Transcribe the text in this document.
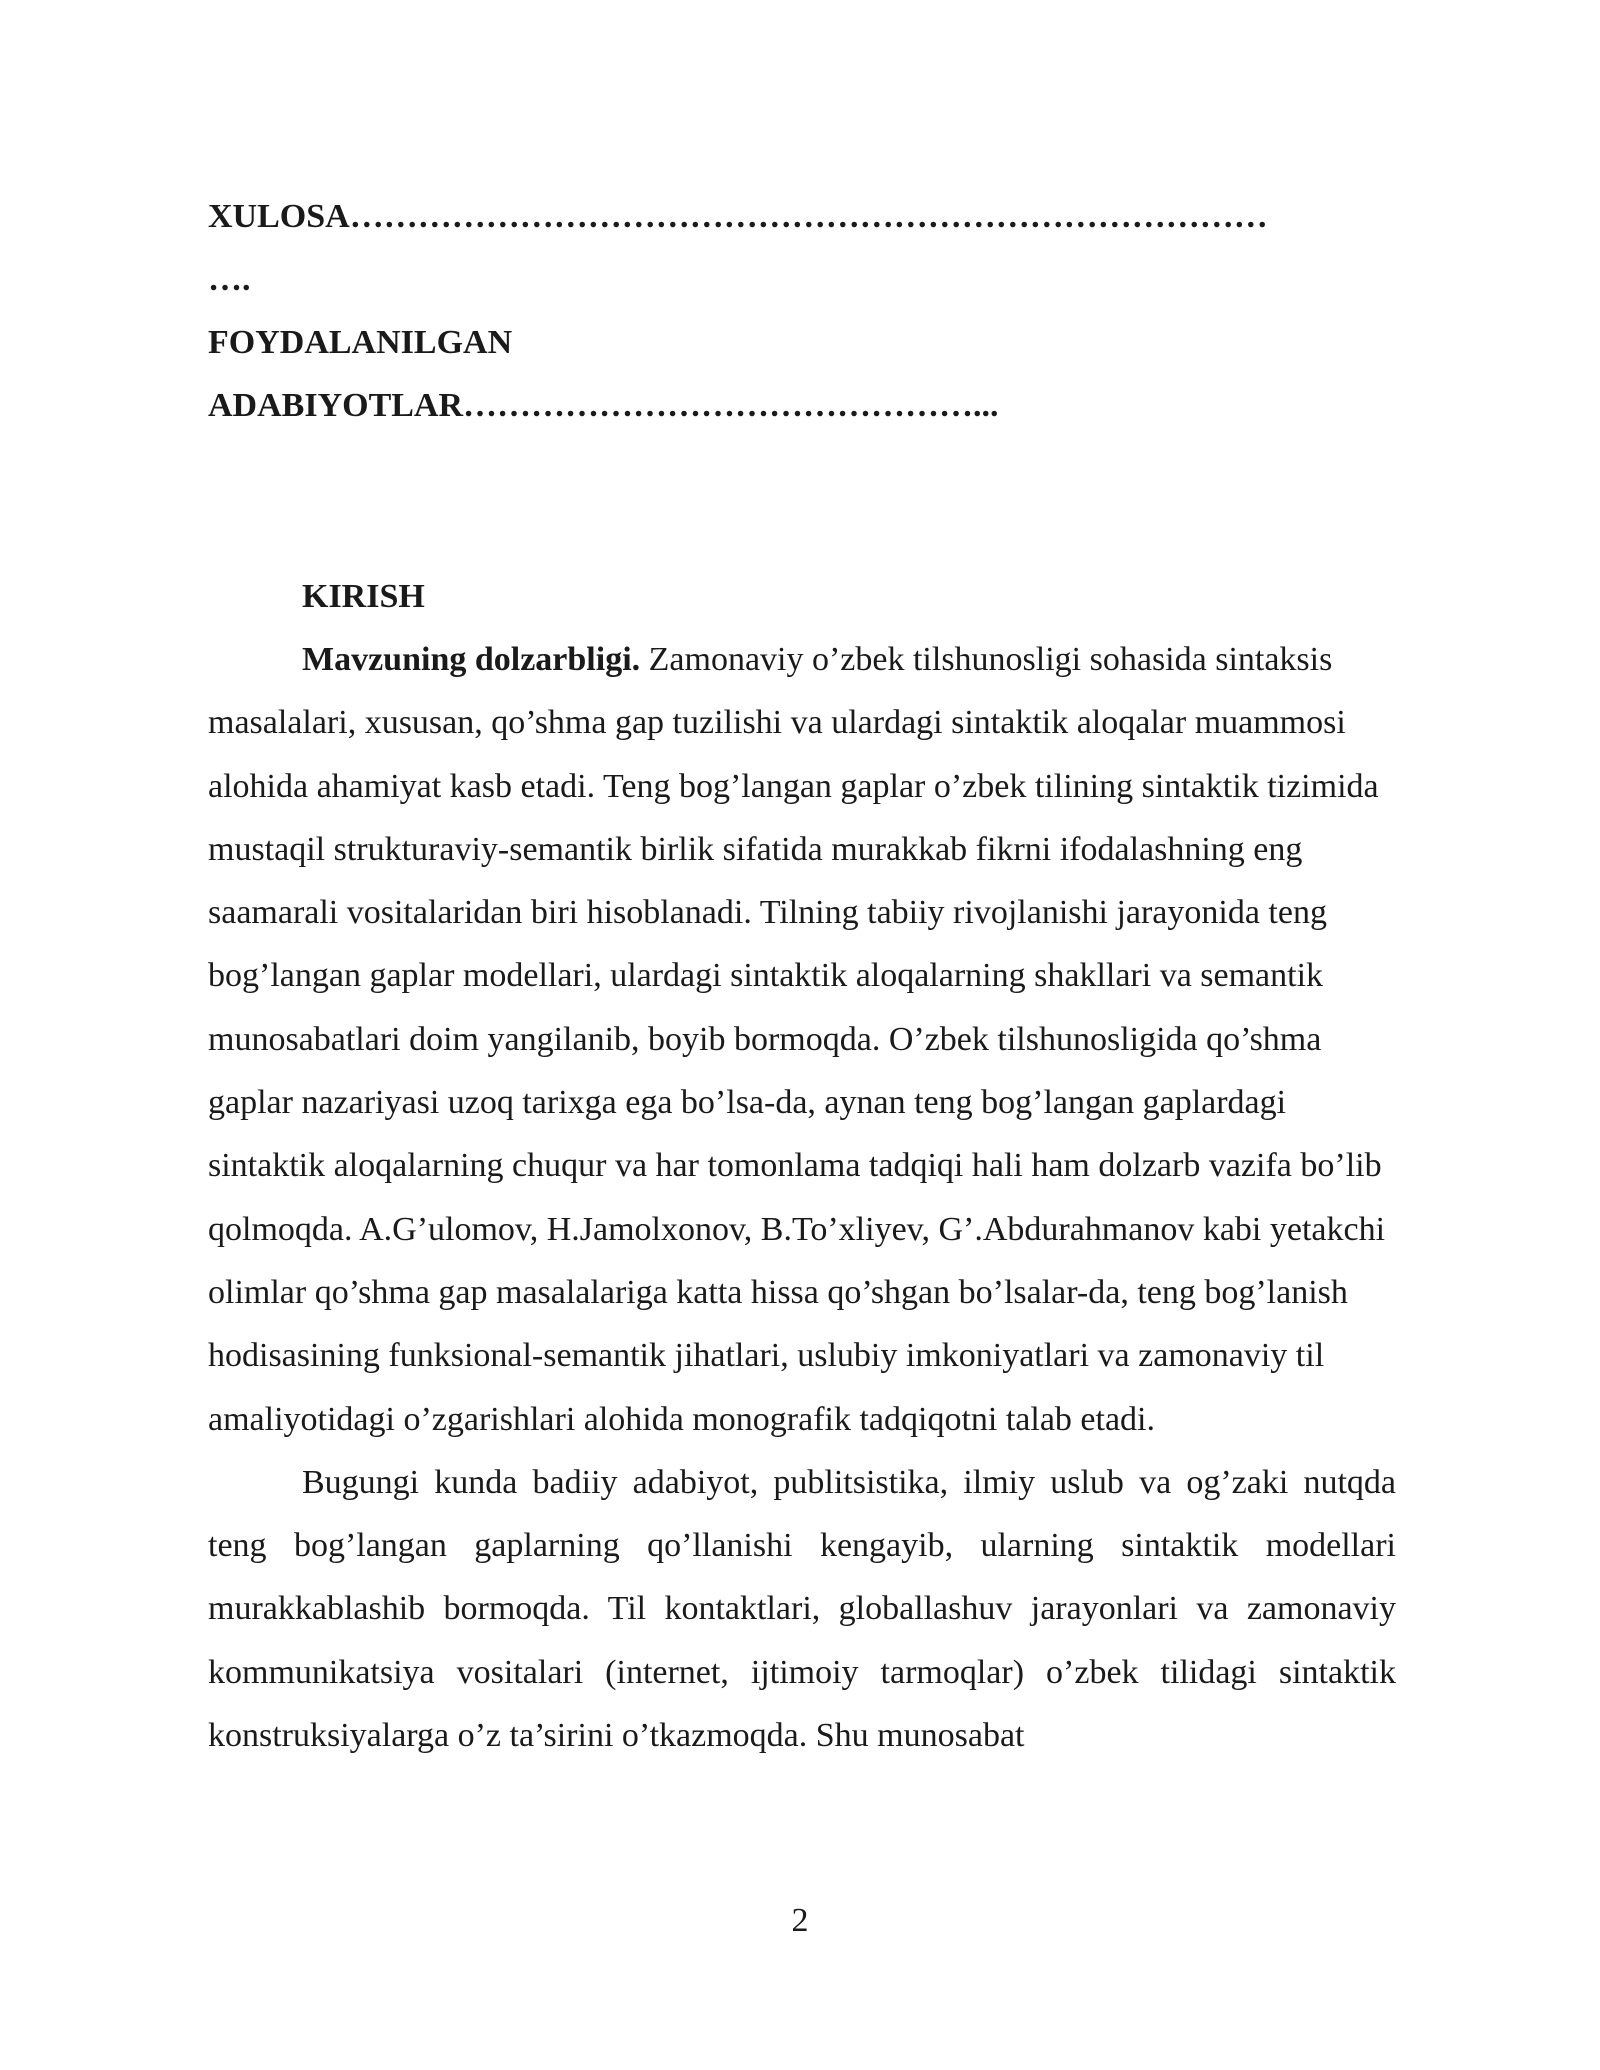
XULOSA………………………………………………………………………
….
FOYDALANILGAN
ADABIYOTLAR………………………………………...
KIRISH

Mavzuning dolzarbligi. Zamonaviy o’zbek tilshunosligi sohasida sintaksis masalalari, xususan, qo’shma gap tuzilishi va ulardagi sintaktik aloqalar muammosi alohida ahamiyat kasb etadi. Teng bog’langan gaplar o’zbek tilining sintaktik tizimida mustaqil strukturaviy-semantik birlik sifatida murakkab fikrni ifodalashning eng saamarali vositalaridan biri hisoblanadi. Tilning tabiiy rivojlanishi jarayonida teng bog’langan gaplar modellari, ulardagi sintaktik aloqalarning shakllari va semantik munosabatlari doim yangilanib, boyib bormoqda. O’zbek tilshunosligida qo’shma gaplar nazariyasi uzoq tarixga ega bo’lsa-da, aynan teng bog’langan gaplardagi sintaktik aloqalarning chuqur va har tomonlama tadqiqi hali ham dolzarb vazifa bo’lib qolmoqda. A.G’ulomov, H.Jamolxonov, B.To’xliyev, G’.Abdurahmanov kabi yetakchi olimlar qo’shma gap masalalariga katta hissa qo’shgan bo’lsalar-da, teng bog’lanish hodisasining funksional-semantik jihatlari, uslubiy imkoniyatlari va zamonaviy til amaliyotidagi o’zgarishlari alohida monografik tadqiqotni talab etadi.

Bugungi kunda badiiy adabiyot, publitsistika, ilmiy uslub va og’zaki nutqda teng bog’langan gaplarning qo’llanishi kengayib, ularning sintaktik modellari murakkablashib bormoqda. Til kontaktlari, globallashuv jarayonlari va zamonaviy kommunikatsiya vositalari (internet, ijtimoiy tarmoqlar) o’zbek tilidagi sintaktik konstruksiyalarga o’z ta’sirini o’tkazmoqda. Shu munosabat

2
